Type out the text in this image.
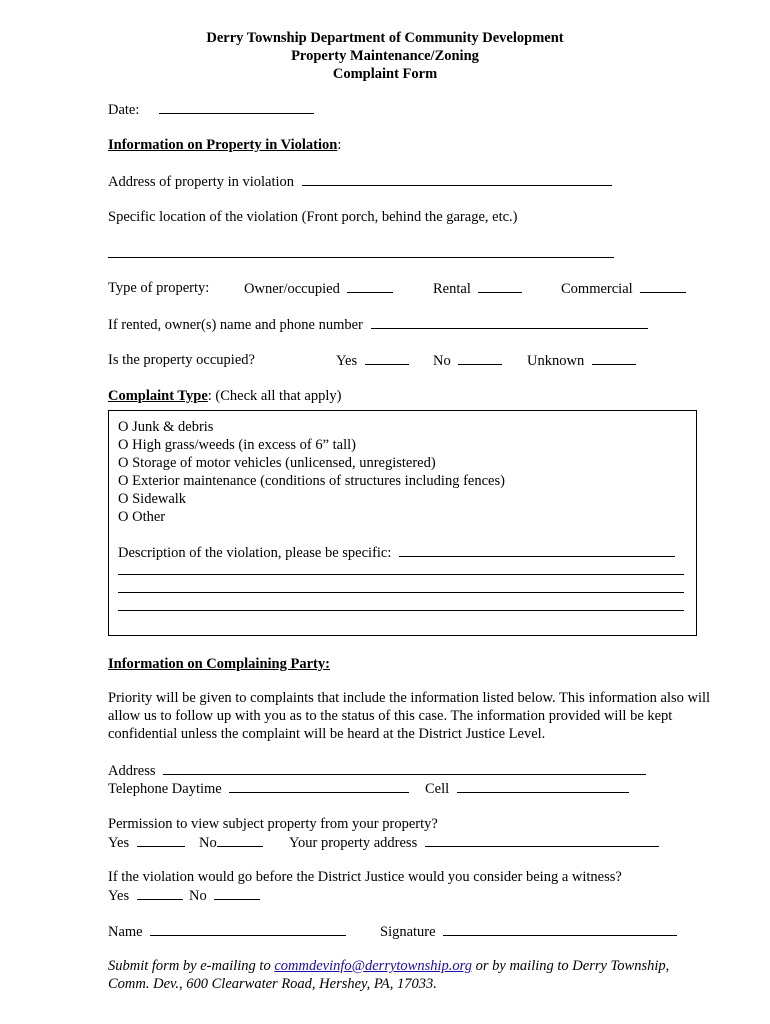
Derry Township Department of Community Development
Property Maintenance/Zoning
Complaint Form
Date:
Information on Property in Violation:
Address of property in violation
Specific location of the violation (Front porch, behind the garage, etc.)
Type of property: Owner/occupied	Rental	Commercial
If rented, owner(s) name and phone number
Is the property occupied?	Yes	No	Unknown
Complaint Type: (Check all that apply)
O Junk & debris
O High grass/weeds (in excess of 6” tall)
O Storage of motor vehicles (unlicensed, unregistered)
O Exterior maintenance (conditions of structures including fences)
O Sidewalk
O Other
Description of the violation, please be specific:
Information on Complaining Party:
Priority will be given to complaints that include the information listed below. This information also will allow us to follow up with you as to the status of this case. The information provided will be kept confidential unless the complaint will be heard at the District Justice Level.
Address
Telephone Daytime	Cell
Permission to view subject property from your property?
Yes	No	Your property address
If the violation would go before the District Justice would you consider being a witness?
Yes	No
Name	Signature
Submit form by e-mailing to commdevinfo@derrytownship.org or by mailing to Derry Township,
Comm. Dev., 600 Clearwater Road, Hershey, PA, 17033.
